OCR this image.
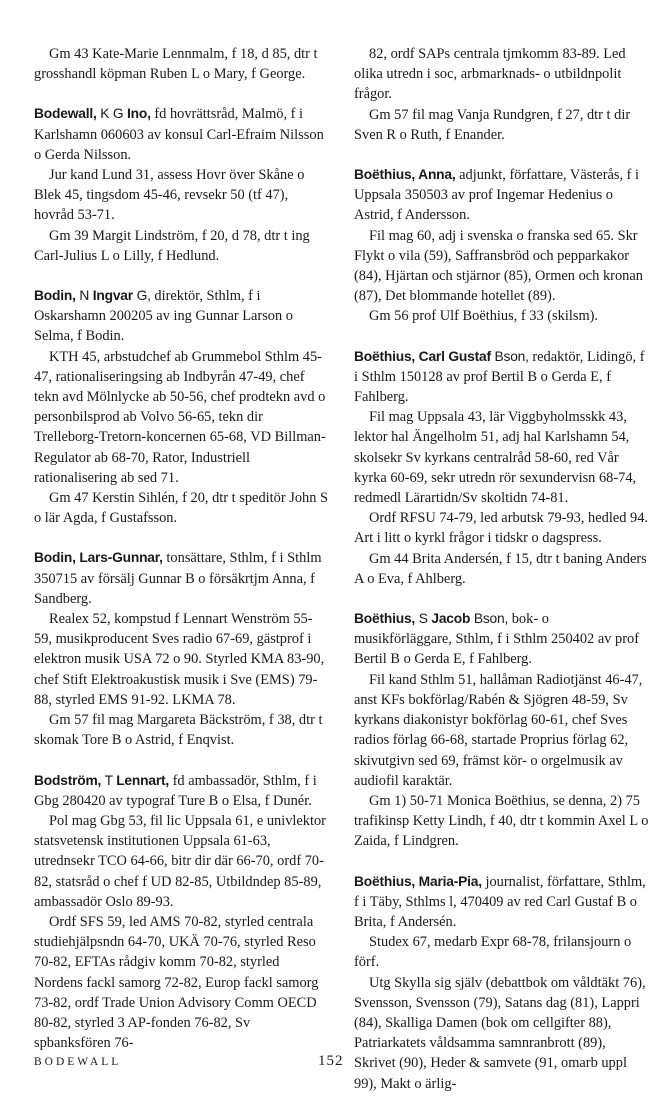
Gm 43 Kate-Marie Lennmalm, f 18, d 85, dtr t grosshandl köpman Ruben L o Mary, f George.

Bodewall, K G Ino, fd hovrättsråd, Malmö, f i Karlshamn 060603 av konsul Carl-Efraim Nilsson o Gerda Nilsson.

Jur kand Lund 31, assess Hovr över Skåne o Blek 45, tingsdom 45-46, revsekr 50 (tf 47), hovråd 53-71.

Gm 39 Margit Lindström, f 20, d 78, dtr t ing Carl-Julius L o Lilly, f Hedlund.

Bodin, N Ingvar G, direktör, Sthlm, f i Oskarshamn 200205 av ing Gunnar Larson o Selma, f Bodin.

KTH 45, arbstudchef ab Grummebol Sthlm 45-47, rationaliseringsing ab Indbyrån 47-49, chef tekn avd Mölnlycke ab 50-56, chef prodtekn avd o personbilsprod ab Volvo 56-65, tekn dir Trelleborg-Tretorn-koncernen 65-68, VD Billman-Regulator ab 68-70, Rator, Industriell rationalisering ab sed 71.

Gm 47 Kerstin Sihlén, f 20, dtr t speditör John S o lär Agda, f Gustafsson.

Bodin, Lars-Gunnar, tonsättare, Sthlm, f i Sthlm 350715 av försälj Gunnar B o försäkrtjm Anna, f Sandberg.

Realex 52, kompstud f Lennart Wenström 55-59, musikproducent Sves radio 67-69, gästprof i elektron musik USA 72 o 90. Styrled KMA 83-90, chef Stift Elektroakustisk musik i Sve (EMS) 79-88, styrled EMS 91-92. LKMA 78.

Gm 57 fil mag Margareta Bäckström, f 38, dtr t skomak Tore B o Astrid, f Enqvist.

Bodström, T Lennart, fd ambassadör, Sthlm, f i Gbg 280420 av typograf Ture B o Elsa, f Dunér.

Pol mag Gbg 53, fil lic Uppsala 61, e univlektor statsvetensk institutionen Uppsala 61-63, utrednsekr TCO 64-66, bitr dir där 66-70, ordf 70-82, statsråd o chef f UD 82-85, Utbildndep 85-89, ambassadör Oslo 89-93.

Ordf SFS 59, led AMS 70-82, styrled centrala studiehjälpsndn 64-70, UKÄ 70-76, styrled Reso 70-82, EFTAs rådgiv komm 70-82, styrled Nordens fackl samorg 72-82, Europ fackl samorg 73-82, ordf Trade Union Advisory Comm OECD 80-82, styrled 3 AP-fonden 76-82, Sv spbanksfören 76-

82, ordf SAPs centrala tjmkomm 83-89. Led olika utredn i soc, arbmarknads- o utbildnpolit frågor.

Gm 57 fil mag Vanja Rundgren, f 27, dtr t dir Sven R o Ruth, f Enander.

Boëthius, Anna, adjunkt, författare, Västerås, f i Uppsala 350503 av prof Ingemar Hedenius o Astrid, f Andersson.

Fil mag 60, adj i svenska o franska sed 65. Skr Flykt o vila (59), Saffransbröd och pepparkakor (84), Hjärtan och stjärnor (85), Ormen och kronan (87), Det blommande hotellet (89).

Gm 56 prof Ulf Boëthius, f 33 (skilsm).

Boëthius, Carl Gustaf Bson, redaktör, Lidingö, f i Sthlm 150128 av prof Bertil B o Gerda E, f Fahlberg.

Fil mag Uppsala 43, lär Viggbyholmsskk 43, lektor hal Ängelholm 51, adj hal Karlshamn 54, skolsekr Sv kyrkans centralråd 58-60, red Vår kyrka 60-69, sekr utredn rör sexundervisn 68-74, redmedl Lärartidn/Sv skoltidn 74-81.

Ordf RFSU 74-79, led arbutsk 79-93, hedled 94. Art i litt o kyrkl frågor i tidskr o dagspress.

Gm 44 Brita Andersén, f 15, dtr t baning Anders A o Eva, f Ahlberg.

Boëthius, S Jacob Bson, bok- o musikförläggare, Sthlm, f i Sthlm 250402 av prof Bertil B o Gerda E, f Fahlberg.

Fil kand Sthlm 51, hallåman Radiotjänst 46-47, anst KFs bokförlag/Rabén & Sjögren 48-59, Sv kyrkans diakonistyr bokförlag 60-61, chef Sves radios förlag 66-68, startade Proprius förlag 62, skivutgivn sed 69, främst kör- o orgelmusik av audiofil karaktär.

Gm 1) 50-71 Monica Boëthius, se denna, 2) 75 trafikinsp Ketty Lindh, f 40, dtr t kommin Axel L o Zaida, f Lindgren.

Boëthius, Maria-Pia, journalist, författare, Sthlm, f i Täby, Sthlms l, 470409 av red Carl Gustaf B o Brita, f Andersén.

Studex 67, medarb Expr 68-78, frilansjourn o förf.

Utg Skylla sig själv (debattbok om våldtäkt 76), Svensson, Svensson (79), Satans dag (81), Lappri (84), Skalliga Damen (bok om cellgifter 88), Patriarkatets våldsamma samnranbrott (89), Skrivet (90), Heder & samvete (91, omarb uppl 99), Makt o ärlig-

BODEWALL	152
